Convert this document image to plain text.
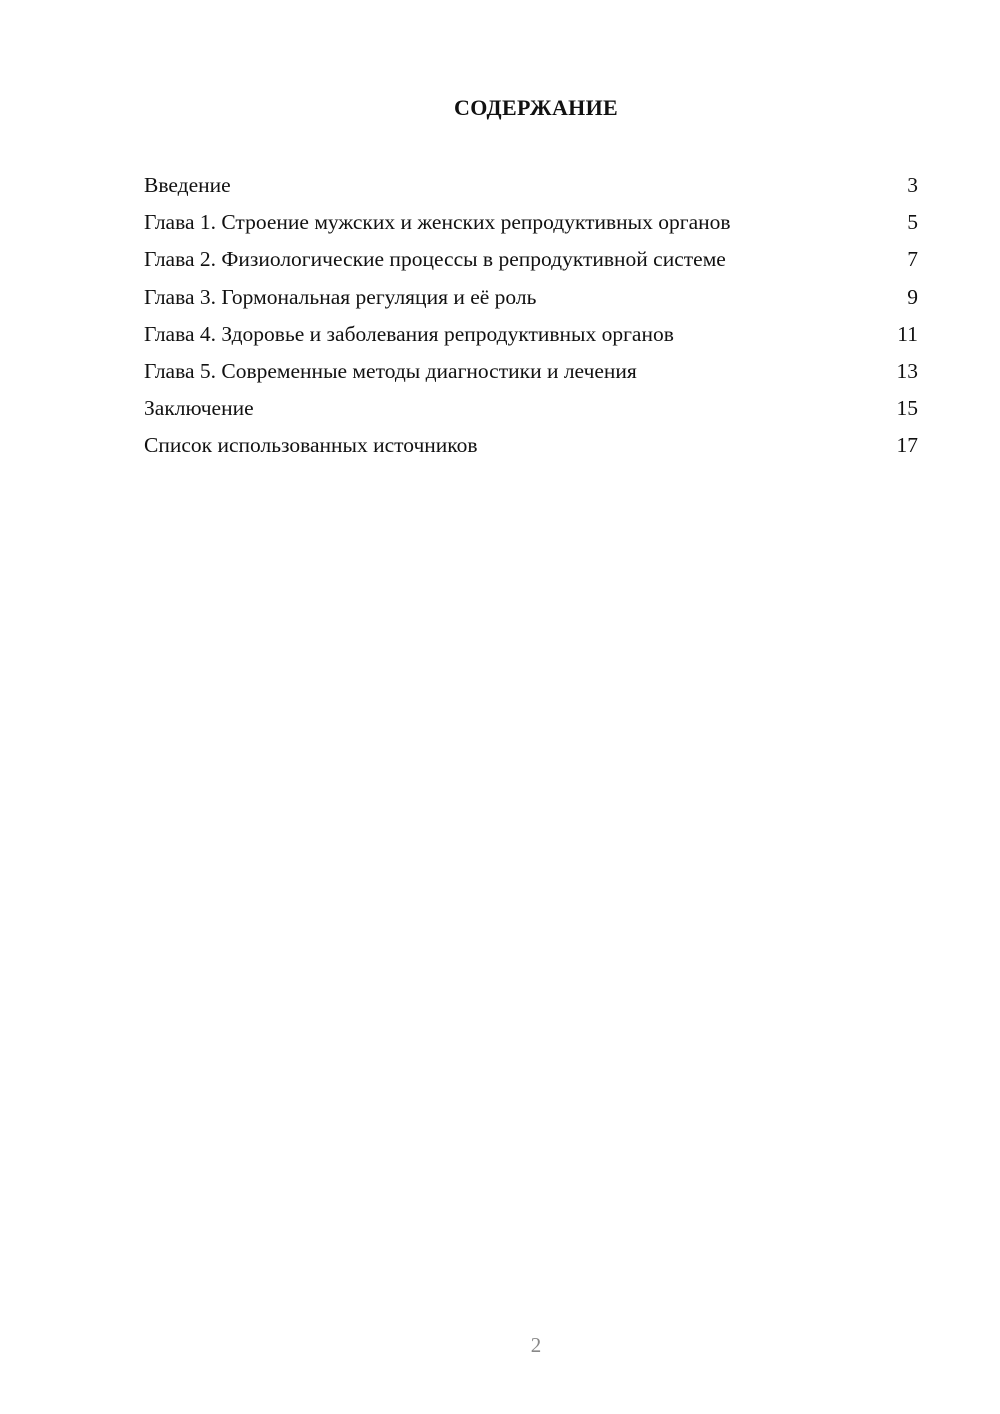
СОДЕРЖАНИЕ
Введение	3
Глава 1. Строение мужских и женских репродуктивных органов	5
Глава 2. Физиологические процессы в репродуктивной системе	7
Глава 3. Гормональная регуляция и её роль	9
Глава 4. Здоровье и заболевания репродуктивных органов	11
Глава 5. Современные методы диагностики и лечения	13
Заключение	15
Список использованных источников	17
2
